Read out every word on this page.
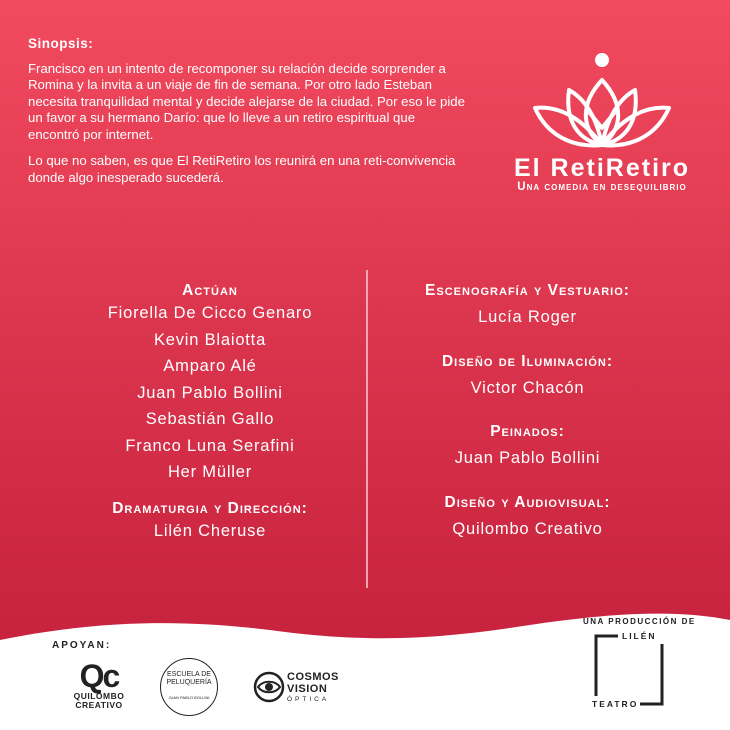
Sinopsis:

Francisco en un intento de recomponer su relación decide sorprender a Romina y la invita a un viaje de fin de semana. Por otro lado Esteban necesita tranquilidad mental y decide alejarse de la ciudad. Por eso le pide un favor a su hermano Darío: que lo lleve a un retiro espiritual que encontró por internet.

Lo que no saben, es que El RetiRetiro los reunirá en una reti-convivencia donde algo inesperado sucederá.	El RetiRetiro
Una comedia en desequilibrio
Actúan
Fiorella De Cicco Genaro
Kevin Blaiotta
Amparo Alé
Juan Pablo Bollini
Sebastián Gallo
Franco Luna Serafini
Her Müller
Dramaturgia y Dirección:
Lilén Cheruse
Escenografía y Vestuario:
Lucía Roger
Diseño de Iluminación:
Victor Chacón
Peinados:
Juan Pablo Bollini
Diseño y Audiovisual:
Quilombo Creativo
APOYAN:
Qc
QUILOMBO
CREATIVO
ESCUELA DE
PELUQUERÍA
JUAN PABLO BOLLINI
COSMOS
VISION
ÓPTICA
UNA PRODUCCIÓN DE
LILÉN
TEATRO
